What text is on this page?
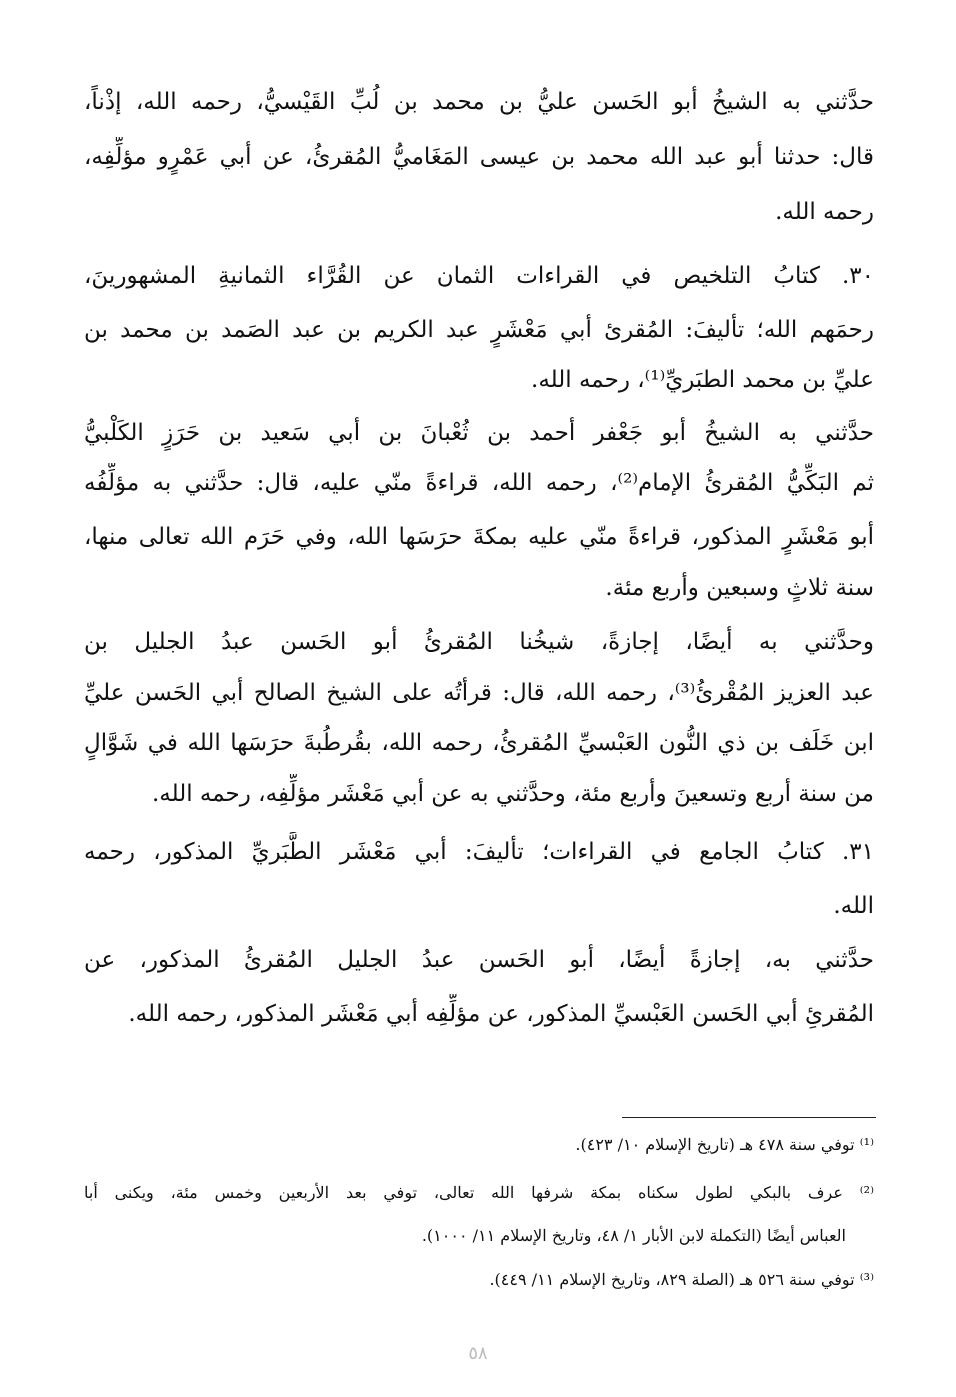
حدَّثني به الشيخُ أبو الحَسن عليُّ بن محمد بن لُبِّ القَيْسيُّ، رحمه الله، إذْناً،
قال: حدثنا أبو عبد الله محمد بن عيسى المَغَاميُّ المُقرئُ، عن أبي عَمْرٍو مؤلِّفِه،
رحمه الله.
٣٠. كتابُ التلخيص في القراءات الثمان عن القُرَّاء الثمانيةِ المشهورينَ،
رحمَهم الله؛ تأليفَ: المُقرئ أبي مَعْشَرٍ عبد الكريم بن عبد الصَمد بن محمد بن
عليِّ بن محمد الطبَريِّ⁽¹⁾، رحمه الله.
حدَّثني به الشيخُ أبو جَعْفر أحمد بن ثُعْبانَ بن أبي سَعيد بن حَرَزٍ الكَلْبيُّ
ثم البَكِّيُّ المُقرئُ الإمام⁽²⁾، رحمه الله، قراءةً منّي عليه، قال: حدَّثني به مؤلِّفُه
أبو مَعْشَرٍ المذكور، قراءةً منّي عليه بمكةَ حرَسَها الله، وفي حَرَم الله تعالى منها،
سنة ثلاثٍ وسبعين وأربع مئة.
وحدَّثني به أيضًا، إجازةً، شيخُنا المُقرئُ أبو الحَسن عبدُ الجليل بن
عبد العزيز المُقْرئُ⁽³⁾، رحمه الله، قال: قرأتُه على الشيخ الصالح أبي الحَسن عليِّ
ابن خَلَف بن ذي النُّون العَبْسيِّ المُقرئُ، رحمه الله، بقُرطُبةَ حرَسَها الله في شَوَّالٍ
من سنة أربع وتسعينَ وأربع مئة، وحدَّثني به عن أبي مَعْشَر مؤلِّفِه، رحمه الله.
٣١. كتابُ الجامع في القراءات؛ تأليفَ: أبي مَعْشَر الطَّبَريِّ المذكور، رحمه
الله.
حدَّثني به، إجازةً أيضًا، أبو الحَسن عبدُ الجليل المُقرئُ المذكور، عن
المُقرئِ أبي الحَسن العَبْسيِّ المذكور، عن مؤلِّفِه أبي مَعْشَر المذكور، رحمه الله.
⁽¹⁾ توفي سنة ٤٧٨ هـ (تاريخ الإسلام ١٠/ ٤٢٣).
⁽²⁾ عرف بالبكي لطول سكناه بمكة شرفها الله تعالى، توفي بعد الأربعين وخمس مئة، ويكنى أبا
العباس أيضًا (التكملة لابن الأبار ١/ ٤٨، وتاريخ الإسلام ١١/ ١٠٠٠).
⁽³⁾ توفي سنة ٥٢٦ هـ (الصلة ٨٢٩، وتاريخ الإسلام ١١/ ٤٤٩).
٥٨
